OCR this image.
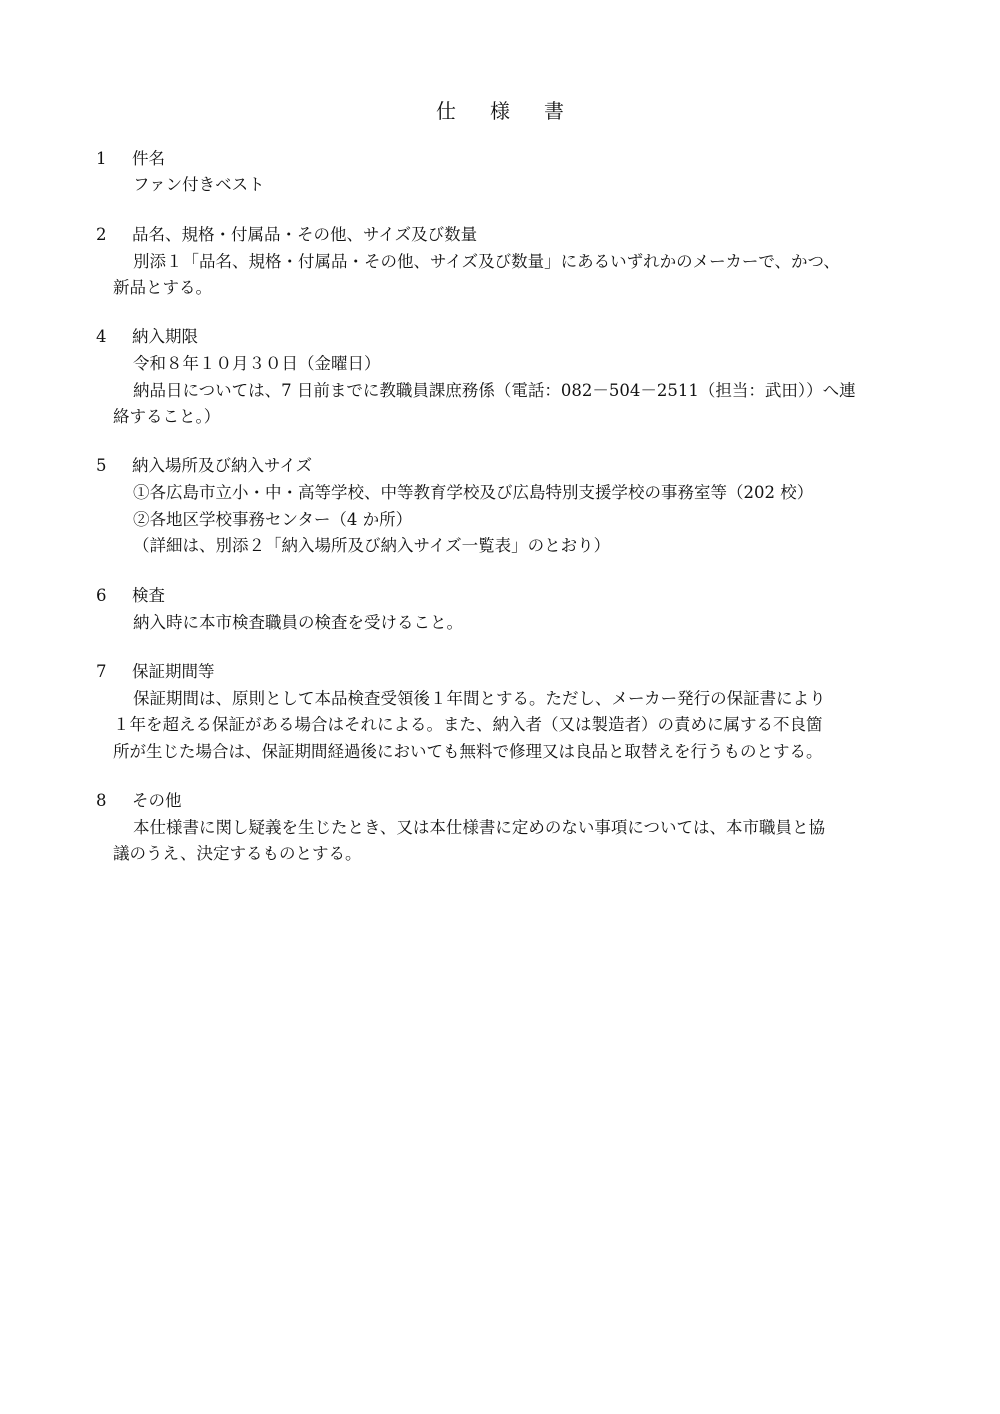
仕様書
1 件名
ファン付きベスト
2 品名、規格・付属品・その他、サイズ及び数量
別添１「品名、規格・付属品・その他、サイズ及び数量」にあるいずれかのメーカーで、かつ、
新品とする。
4 納入期限
令和８年１０月３０日（金曜日）
納品日については、7 日前までに教職員課庶務係（電話：082－504－2511（担当：武田））へ連
絡すること。）
5 納入場所及び納入サイズ
①各広島市立小・中・高等学校、中等教育学校及び広島特別支援学校の事務室等（202 校）
②各地区学校事務センター（4 か所）
（詳細は、別添２「納入場所及び納入サイズ一覧表」のとおり）
6 検査
納入時に本市検査職員の検査を受けること。
7 保証期間等
保証期間は、原則として本品検査受領後１年間とする。ただし、メーカー発行の保証書により
１年を超える保証がある場合はそれによる。また、納入者（又は製造者）の責めに属する不良箇
所が生じた場合は、保証期間経過後においても無料で修理又は良品と取替えを行うものとする。
8 その他
本仕様書に関し疑義を生じたとき、又は本仕様書に定めのない事項については、本市職員と協
議のうえ、決定するものとする。
